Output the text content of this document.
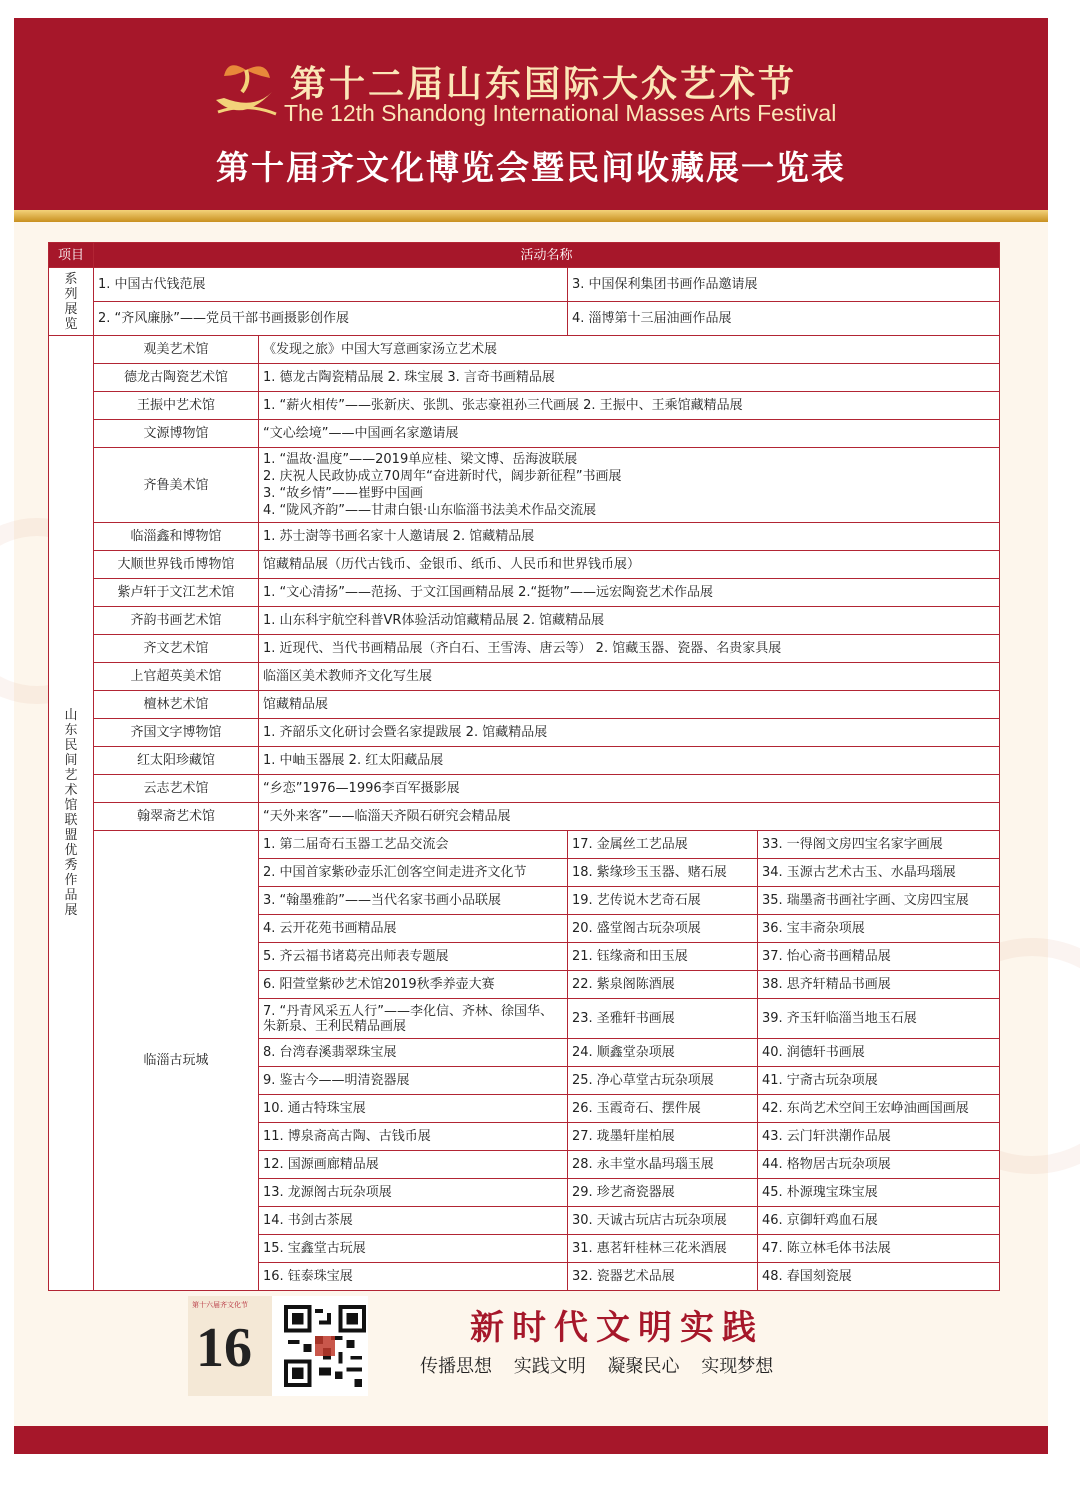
第十二届山东国际大众艺术节
The 12th Shandong International Masses Arts Festival
第十届齐文化博览会暨民间收藏展一览表
项目	活动名称			

系列展览	1. 中国古代钱范展		3. 中国保利集团书画作品邀请展	
	2. “齐风廉脉”——党员干部书画摄影创作展		4. 淄博第十三届油画作品展	

山东民间艺术馆联盟优秀作品展	观美艺术馆	《发现之旅》中国大写意画家汤立艺术展		
	德龙古陶瓷艺术馆	1. 德龙古陶瓷精品展 2. 珠宝展 3. 言奇书画精品展		
	王振中艺术馆	1. “薪火相传”——张新庆、张凯、张志豪祖孙三代画展 2. 王振中、王乘馆藏精品展		
	文源博物馆	“文心绘境”——中国画名家邀请展		
	齐鲁美术馆	1. “温故·温度”——2019单应桂、梁文博、岳海波联展
2. 庆祝人民政协成立70周年“奋进新时代，阔步新征程”书画展
3. “故乡情”——崔野中国画
4. “陇风齐韵”——甘肃白银·山东临淄书法美术作品交流展		

	临淄鑫和博物馆	1. 苏士澍等书画名家十人邀请展 2. 馆藏精品展		
	大顺世界钱币博物馆	馆藏精品展（历代古钱币、金银币、纸币、人民币和世界钱币展）		
	紫卢轩于文江艺术馆	1. “文心清扬”——范扬、于文江国画精品展 2.“挺物”——远宏陶瓷艺术作品展		
	齐韵书画艺术馆	1. 山东科宇航空科普VR体验活动馆藏精品展 2. 馆藏精品展		
	齐文艺术馆	1. 近现代、当代书画精品展（齐白石、王雪涛、唐云等） 2. 馆藏玉器、瓷器、名贵家具展		
	上官超英美术馆	临淄区美术教师齐文化写生展		
	檀林艺术馆	馆藏精品展		
	齐国文字博物馆	1. 齐韶乐文化研讨会暨名家提跋展 2. 馆藏精品展		
	红太阳珍藏馆	1. 中岫玉器展 2. 红太阳藏品展		
	云志艺术馆	“乡恋”1976—1996李百军摄影展		
	翰翠斋艺术馆	“天外来客”——临淄天齐陨石研究会精品展		
	临淄古玩城	1. 第二届奇石玉器工艺品交流会	17. 金属丝工艺品展	33. 一得阁文房四宝名家字画展
		2. 中国首家紫砂壶乐汇创客空间走进齐文化节	18. 紫缘珍玉玉器、赌石展	34. 玉源古艺术古玉、水晶玛瑙展
		3. “翰墨雅韵”——当代名家书画小品联展	19. 艺传说木艺奇石展	35. 瑞墨斋书画社字画、文房四宝展
		4. 云开花苑书画精品展	20. 盛堂阁古玩杂项展	36. 宝丰斋杂项展
		5. 齐云福书诸葛亮出师表专题展	21. 钰缘斋和田玉展	37. 怡心斋书画精品展
		6. 阳萱堂紫砂艺术馆2019秋季养壶大赛	22. 紫泉阁陈酒展	38. 思齐轩精品书画展
		7. “丹青风采五人行”——李化信、齐林、徐国华、朱新泉、王利民精品画展	23. 圣雅轩书画展	39. 齐玉轩临淄当地玉石展
		8. 台湾春溪翡翠珠宝展	24. 顺鑫堂杂项展	40. 润德轩书画展
		9. 鉴古今——明清瓷器展	25. 净心草堂古玩杂项展	41. 宁斋古玩杂项展
		10. 通古特珠宝展	26. 玉霞奇石、摆件展	42. 东尚艺术空间王宏峥油画国画展
		11. 博泉斋高古陶、古钱币展	27. 珑墨轩崖柏展	43. 云门轩洪潮作品展
		12. 国源画廊精品展	28. 永丰堂水晶玛瑙玉展	44. 格物居古玩杂项展
		13. 龙源阁古玩杂项展	29. 珍艺斋瓷器展	45. 朴源瑰宝珠宝展
		14. 书剑古茶展	30. 天诚古玩店古玩杂项展	46. 京御轩鸡血石展
		15. 宝鑫堂古玩展	31. 惠茗轩桂林三花米酒展	47. 陈立林毛体书法展
		16. 钰泰珠宝展	32. 瓷器艺术品展	48. 春国刻瓷展
第十六届齐文化节
16	新时代文明实践
传播思想 实践文明 凝聚民心 实现梦想
